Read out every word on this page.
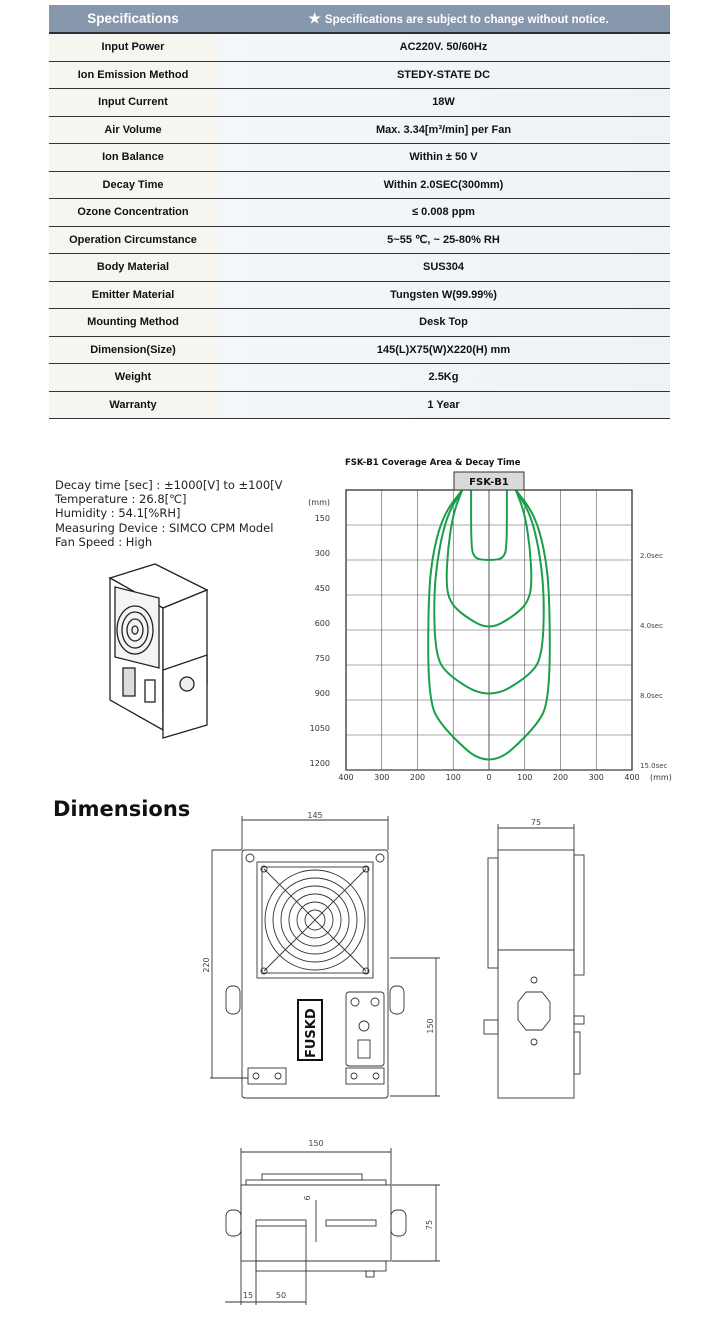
Specifications	★ Specifications are subject to change without notice.
Input Power	AC220V. 50/60Hz
Ion Emission Method	STEDY-STATE DC
Input Current	18W
Air Volume	Max. 3.34[m³/min] per Fan
Ion Balance	Within ± 50 V
Decay Time	Within 2.0SEC(300mm)
Ozone Concentration	≤ 0.008 ppm
Operation Circumstance	5~55 ℃, ~ 25-80% RH
Body Material	SUS304
Emitter Material	Tungsten W(99.99%)
Mounting Method	Desk Top
Dimension(Size)	145(L)X75(W)X220(H) mm
Weight	2.5Kg
Warranty	1 Year
Decay time [sec] : ±1000[V] to ±100[V
Temperature : 26.8[℃]
Humidity : 54.1[%RH]
Measuring Device : SIMCO CPM Model
Fan Speed : High
FSK-B1 Coverage Area & Decay Time
FSK-B1
150
300
450
600
750
900
1050
1200
(mm)
400	300	200	100	0	100	200	300	400 (mm)
2.0sec
4.0sec
8.0sec
15.0sec
Dimensions
FUSKD
145
220
150
75
150
75
6
15	50
